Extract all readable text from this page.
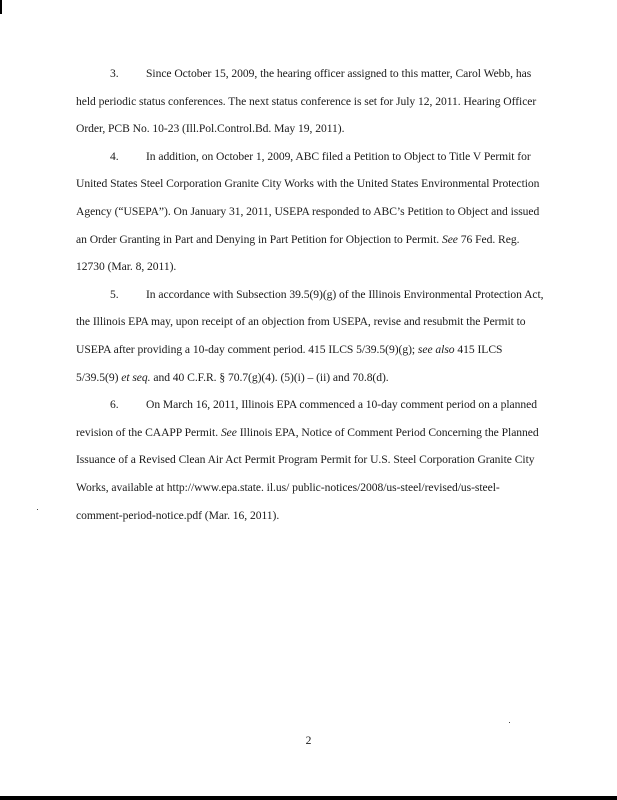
3. Since October 15, 2009, the hearing officer assigned to this matter, Carol Webb, has held periodic status conferences. The next status conference is set for July 12, 2011. Hearing Officer Order, PCB No. 10-23 (Ill.Pol.Control.Bd. May 19, 2011).

4. In addition, on October 1, 2009, ABC filed a Petition to Object to Title V Permit for United States Steel Corporation Granite City Works with the United States Environmental Protection Agency (“USEPA”). On January 31, 2011, USEPA responded to ABC’s Petition to Object and issued an Order Granting in Part and Denying in Part Petition for Objection to Permit. See 76 Fed. Reg. 12730 (Mar. 8, 2011).

5. In accordance with Subsection 39.5(9)(g) of the Illinois Environmental Protection Act, the Illinois EPA may, upon receipt of an objection from USEPA, revise and resubmit the Permit to USEPA after providing a 10-day comment period. 415 ILCS 5/39.5(9)(g); see also 415 ILCS 5/39.5(9) et seq. and 40 C.F.R. § 70.7(g)(4). (5)(i) – (ii) and 70.8(d).

6. On March 16, 2011, Illinois EPA commenced a 10-day comment period on a planned revision of the CAAPP Permit. See Illinois EPA, Notice of Comment Period Concerning the Planned Issuance of a Revised Clean Air Act Permit Program Permit for U.S. Steel Corporation Granite City Works, available at http://www.epa.state. il.us/ public-notices/2008/us-steel/revised/us-steel-comment-period-notice.pdf (Mar. 16, 2011).

2
